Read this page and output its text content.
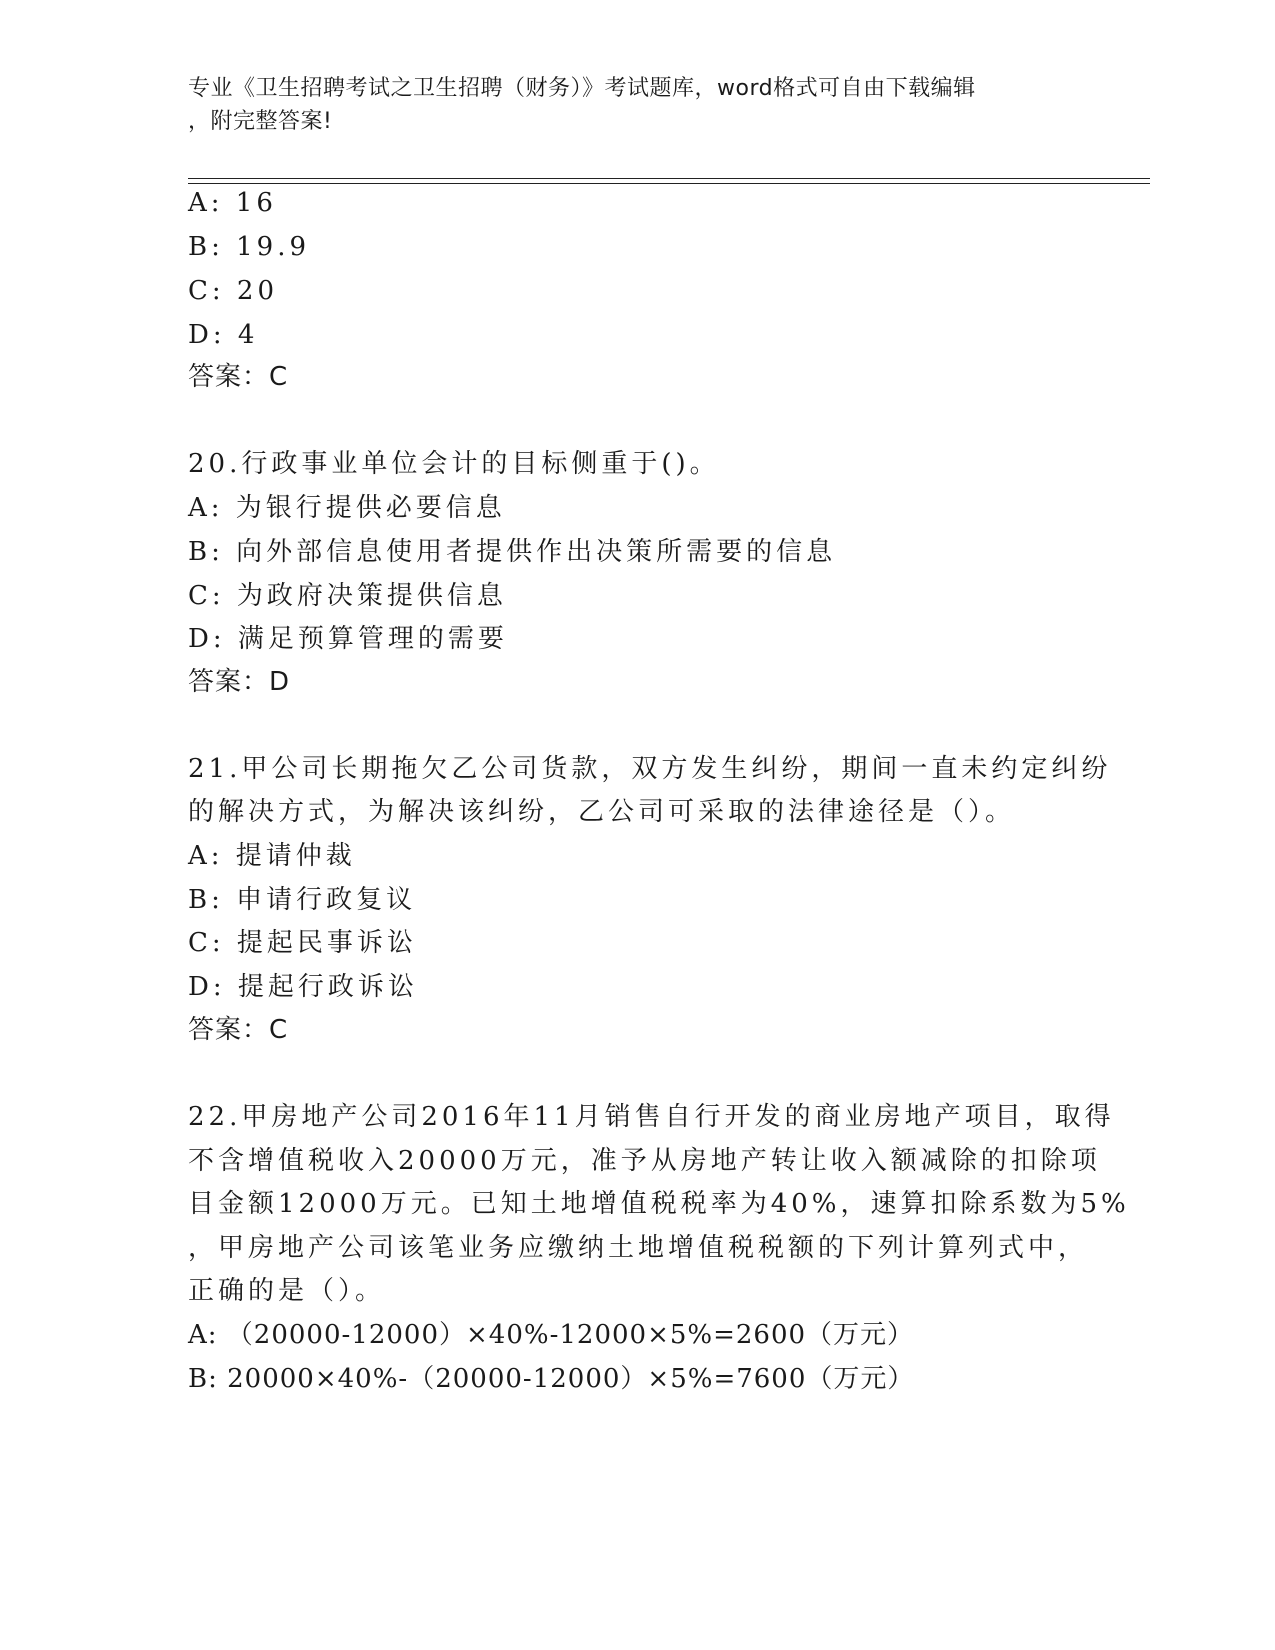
专业《卫生招聘考试之卫生招聘（财务）》考试题库，word格式可自由下载编辑
，附完整答案!
A: 16
B: 19.9
C: 20
D: 4
答案：C
20.行政事业单位会计的目标侧重于()。
A: 为银行提供必要信息
B: 向外部信息使用者提供作出决策所需要的信息
C: 为政府决策提供信息
D: 满足预算管理的需要
答案：D
21.甲公司长期拖欠乙公司货款，双方发生纠纷，期间一直未约定纠纷
的解决方式，为解决该纠纷，乙公司可采取的法律途径是（）。
A: 提请仲裁
B: 申请行政复议
C: 提起民事诉讼
D: 提起行政诉讼
答案：C
22.甲房地产公司2016年11月销售自行开发的商业房地产项目，取得
不含增值税收入20000万元，准予从房地产转让收入额减除的扣除项
目金额12000万元。已知土地增值税税率为40%，速算扣除系数为5%
，甲房地产公司该笔业务应缴纳土地增值税税额的下列计算列式中，
正确的是（）。
A: （20000-12000）×40%-12000×5%=2600（万元）
B: 20000×40%-（20000-12000）×5%=7600（万元）
